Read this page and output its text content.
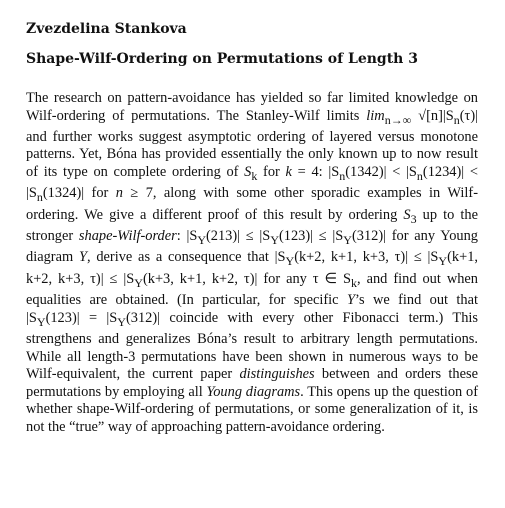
Zvezdelina Stankova

Shape-Wilf-Ordering on Permutations of Length 3

The research on pattern-avoidance has yielded so far limited knowledge on Wilf-ordering of permutations. The Stanley-Wilf limits $\lim_{n\to\infty} √[n]|S_n(\tau)|$ and further works suggest asymptotic ordering of layered versus monotone patterns. Yet, Bóna has provided essentially the only known up to now result of its type on complete ordering of $S_k$ for k = 4: $|S_n(1342)| < |S_n(1234)| < |S_n(1324)|$ for n ≥ 7, along with some other sporadic examples in Wilf-ordering. We give a different proof of this result by ordering $S_3$ up to the stronger shape-Wilf-order: $|S_Y(213)| \le |S_Y(123)| \le |S_Y(312)|$ for any Young diagram Y, derive as a consequence that $|S_Y(k+2$, k+1, k+3, $\tau)| \le |S_Y(k+1$, k+2, k+3, $\tau)| \le |S_Y(k+3$, k+1, k+2, τ)| for any τ ∈ $S_k$, and find out when equalities are obtained. (In particular, for specific Y’s we find out that $|S_Y(123)| = |S_Y(312)|$ coincide with every other Fibonacci term.) This strengthens and generalizes Bóna’s result to arbitrary length permutations. While all length-3 permutations have been shown in numerous ways to be Wilf-equivalent, the current paper distinguishes between and orders these permutations by employing all Young diagrams. This opens up the question of whether shape-Wilf-ordering of permutations, or some generalization of it, is not the “true” way of approaching pattern-avoidance ordering.
